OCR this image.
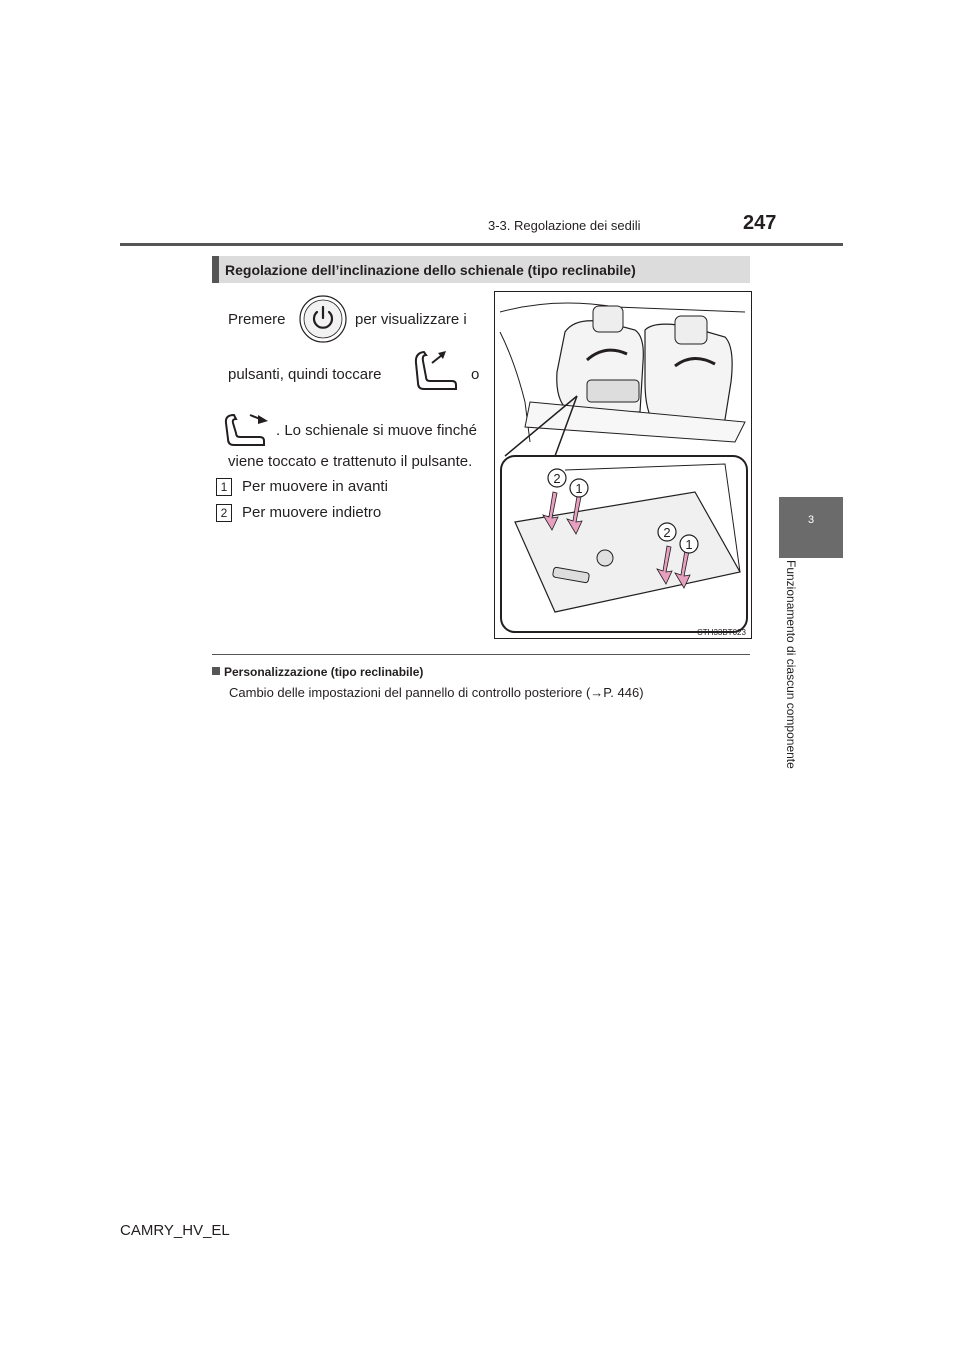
3-3. Regolazione dei sedili	247
3
Funzionamento di ciascun componente
Regolazione dell’inclinazione dello schienale (tipo reclinabile)
Premere	per visualizzare i
pulsanti, quindi toccare	o
. Lo schienale si muove finché
viene toccato e trattenuto il pulsante.
1 Per muovere in avanti
2 Per muovere indietro
2
1
2
1
CTH33BT023
Personalizzazione (tipo reclinabile)
Cambio delle impostazioni del pannello di controllo posteriore (→P. 446)
CAMRY_HV_EL
